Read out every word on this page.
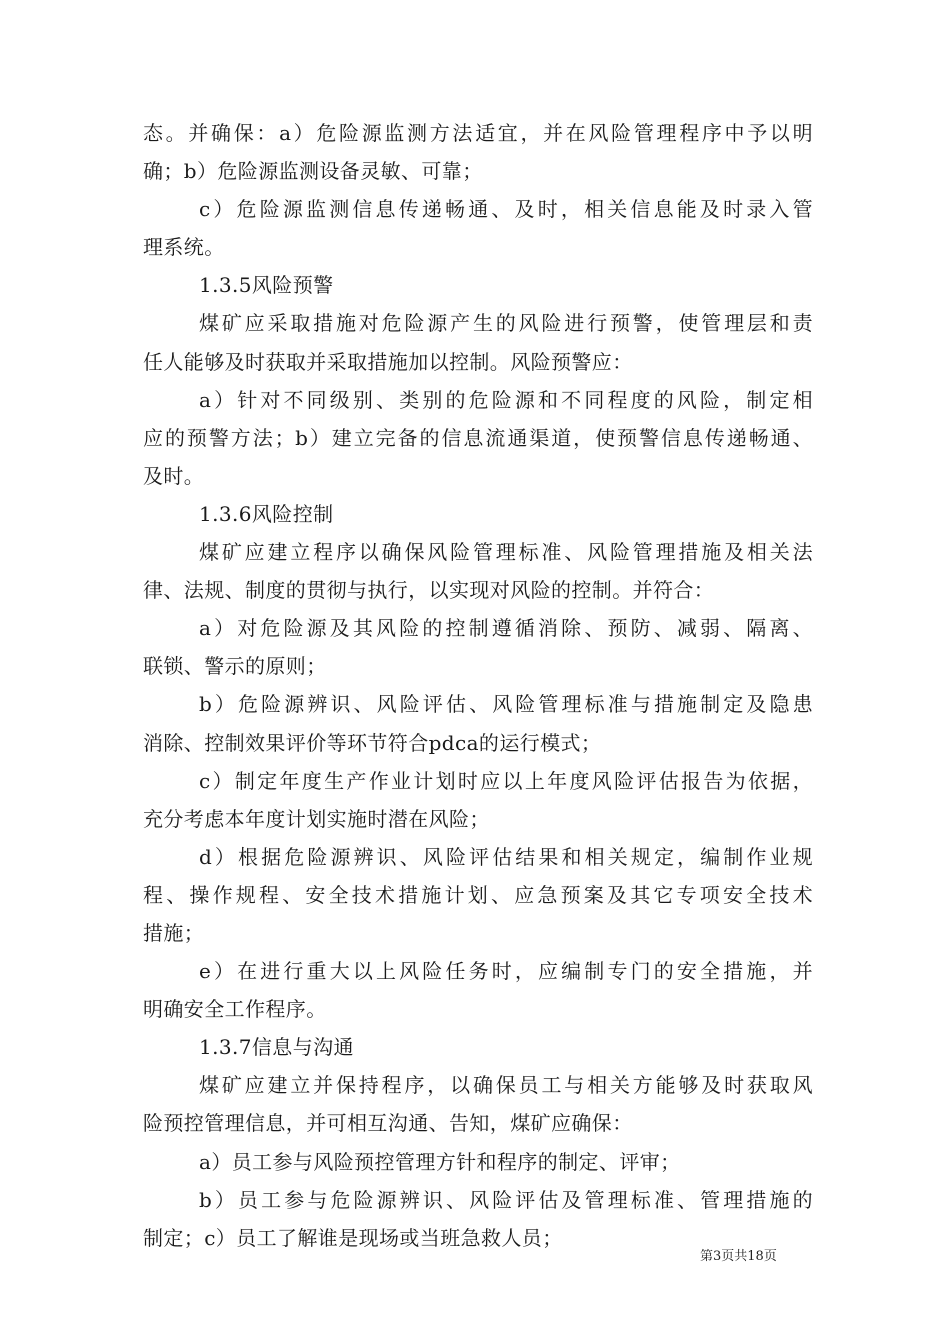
态。并确保：a）危险源监测方法适宜，并在风险管理程序中予以明
确；b）危险源监测设备灵敏、可靠；
c）危险源监测信息传递畅通、及时，相关信息能及时录入管
理系统。
1.3.5风险预警
煤矿应采取措施对危险源产生的风险进行预警，使管理层和责
任人能够及时获取并采取措施加以控制。风险预警应：
a）针对不同级别、类别的危险源和不同程度的风险，制定相
应的预警方法；b）建立完备的信息流通渠道，使预警信息传递畅通、
及时。
1.3.6风险控制
煤矿应建立程序以确保风险管理标准、风险管理措施及相关法
律、法规、制度的贯彻与执行，以实现对风险的控制。并符合：
a）对危险源及其风险的控制遵循消除、预防、减弱、隔离、
联锁、警示的原则；
b）危险源辨识、风险评估、风险管理标准与措施制定及隐患
消除、控制效果评价等环节符合pdca的运行模式；
c）制定年度生产作业计划时应以上年度风险评估报告为依据，
充分考虑本年度计划实施时潜在风险；
d）根据危险源辨识、风险评估结果和相关规定，编制作业规
程、操作规程、安全技术措施计划、应急预案及其它专项安全技术
措施；
e）在进行重大以上风险任务时，应编制专门的安全措施，并
明确安全工作程序。
1.3.7信息与沟通
煤矿应建立并保持程序，以确保员工与相关方能够及时获取风
险预控管理信息，并可相互沟通、告知，煤矿应确保：
a）员工参与风险预控管理方针和程序的制定、评审；
b）员工参与危险源辨识、风险评估及管理标准、管理措施的
制定；c）员工了解谁是现场或当班急救人员；
第3页共18页
